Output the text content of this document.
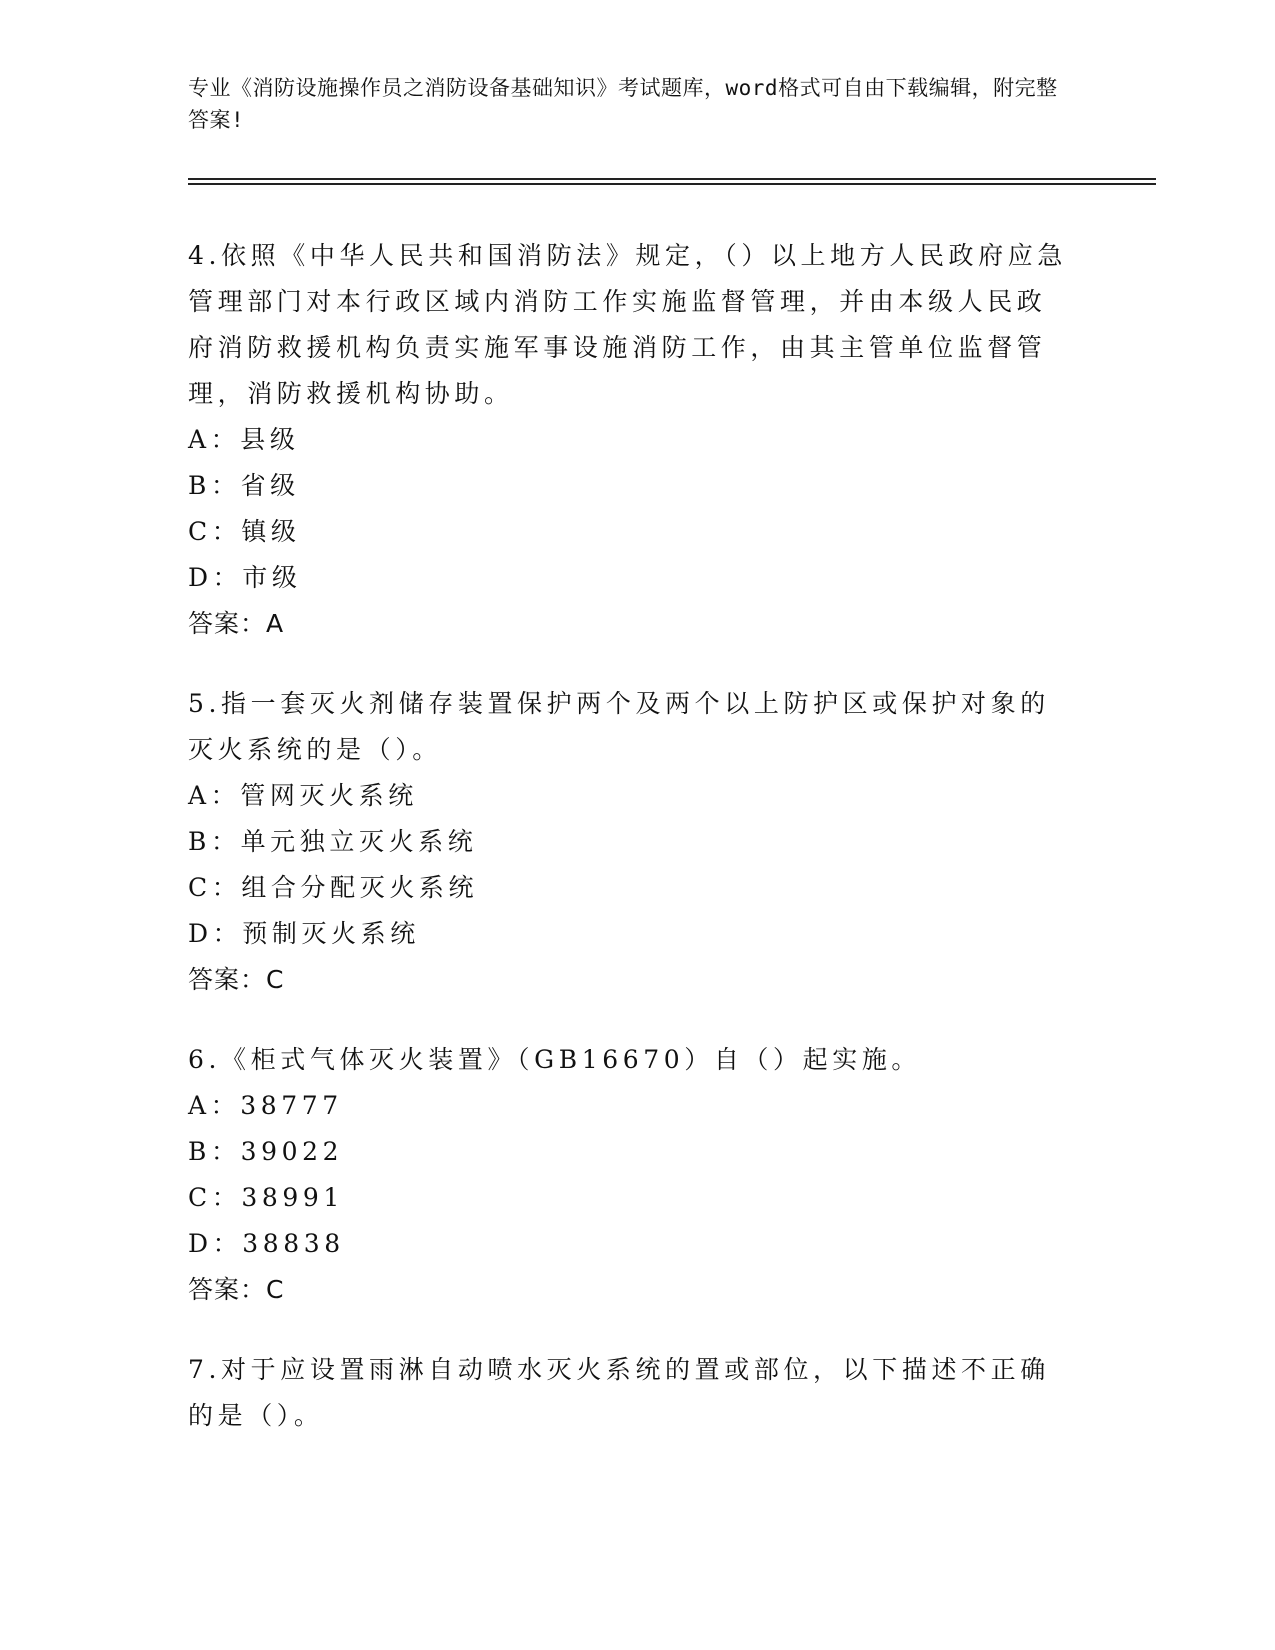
专业《消防设施操作员之消防设备基础知识》考试题库，word格式可自由下载编辑，附完整答案!

4.依照《中华人民共和国消防法》规定，（）以上地方人民政府应急管理部门对本行政区域内消防工作实施监督管理，并由本级人民政府消防救援机构负责实施军事设施消防工作，由其主管单位监督管理，消防救援机构协助。

A：县级

B：省级

C：镇级

D：市级

答案：A

5.指一套灭火剂储存装置保护两个及两个以上防护区或保护对象的灭火系统的是（）。

A：管网灭火系统

B：单元独立灭火系统

C：组合分配灭火系统

D：预制灭火系统

答案：C

6.《柜式气体灭火装置》（GB16670）自（）起实施。

A：38777

B：39022

C：38991

D：38838

答案：C

7.对于应设置雨淋自动喷水灭火系统的置或部位，以下描述不正确的是（）。
